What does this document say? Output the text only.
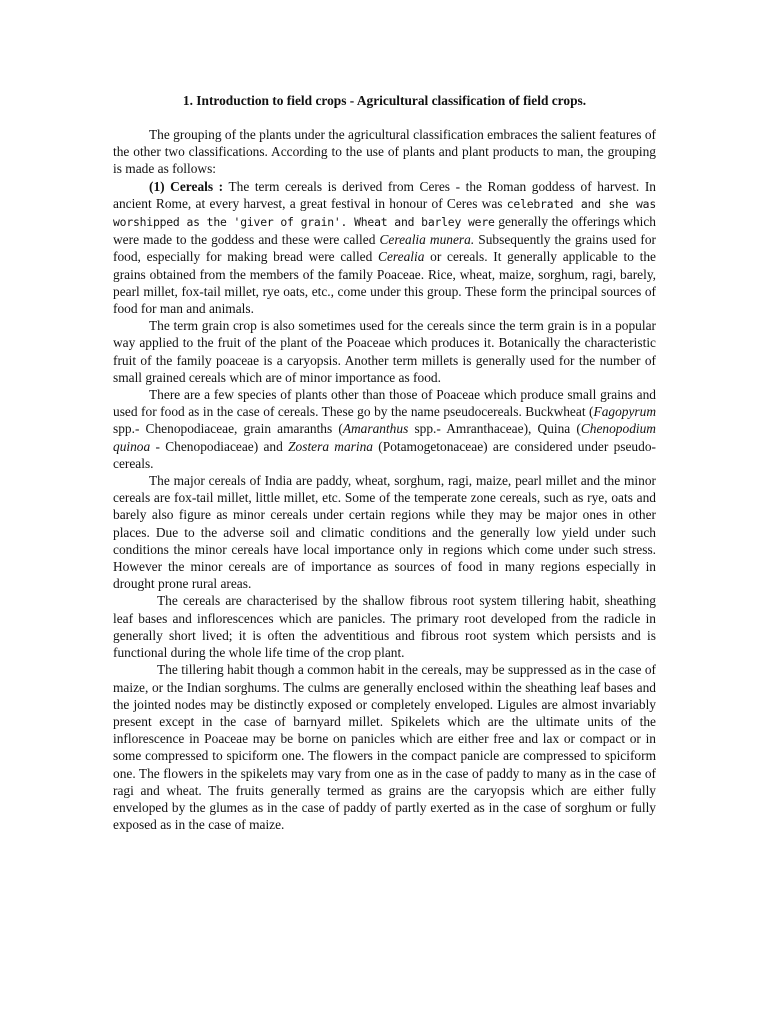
1. Introduction to field crops - Agricultural classification of field crops.

The grouping of the plants under the agricultural classification embraces the salient features of the other two classifications. According to the use of plants and plant products to man, the grouping is made as follows:

(1) Cereals : The term cereals is derived from Ceres - the Roman goddess of harvest. In ancient Rome, at every harvest, a great festival in honour of Ceres was celebrated and she was worshipped as the 'giver of grain'. Wheat and barley were generally the offerings which were made to the goddess and these were called Cerealia munera. Subsequently the grains used for food, especially for making bread were called Cerealia or cereals. It generally applicable to the grains obtained from the members of the family Poaceae. Rice, wheat, maize, sorghum, ragi, barely, pearl millet, fox-tail millet, rye oats, etc., come under this group. These form the principal sources of food for man and animals.

The term grain crop is also sometimes used for the cereals since the term grain is in a popular way applied to the fruit of the plant of the Poaceae which produces it. Botanically the characteristic fruit of the family poaceae is a caryopsis. Another term millets is generally used for the number of small grained cereals which are of minor importance as food.

There are a few species of plants other than those of Poaceae which produce small grains and used for food as in the case of cereals. These go by the name pseudocereals. Buckwheat (Fagopyrum spp.- Chenopodiaceae, grain amaranths (Amaranthus spp.- Amranthaceae), Quina (Chenopodium quinoa - Chenopodiaceae) and Zostera marina (Potamogetonaceae) are considered under pseudo-cereals.

The major cereals of India are paddy, wheat, sorghum, ragi, maize, pearl millet and the minor cereals are fox-tail millet, little millet, etc. Some of the temperate zone cereals, such as rye, oats and barely also figure as minor cereals under certain regions while they may be major ones in other places. Due to the adverse soil and climatic conditions and the generally low yield under such conditions the minor cereals have local importance only in regions which come under such stress. However the minor cereals are of importance as sources of food in many regions especially in drought prone rural areas.

The cereals are characterised by the shallow fibrous root system tillering habit, sheathing leaf bases and inflorescences which are panicles. The primary root developed from the radicle in generally short lived; it is often the adventitious and fibrous root system which persists and is functional during the whole life time of the crop plant.

The tillering habit though a common habit in the cereals, may be suppressed as in the case of maize, or the Indian sorghums. The culms are generally enclosed within the sheathing leaf bases and the jointed nodes may be distinctly exposed or completely enveloped. Ligules are almost invariably present except in the case of barnyard millet. Spikelets which are the ultimate units of the inflorescence in Poaceae may be borne on panicles which are either free and lax or compact or in some compressed to spiciform one. The flowers in the compact panicle are compressed to spiciform one. The flowers in the spikelets may vary from one as in the case of paddy to many as in the case of ragi and wheat. The fruits generally termed as grains are the caryopsis which are either fully enveloped by the glumes as in the case of paddy of partly exerted as in the case of sorghum or fully exposed as in the case of maize.
